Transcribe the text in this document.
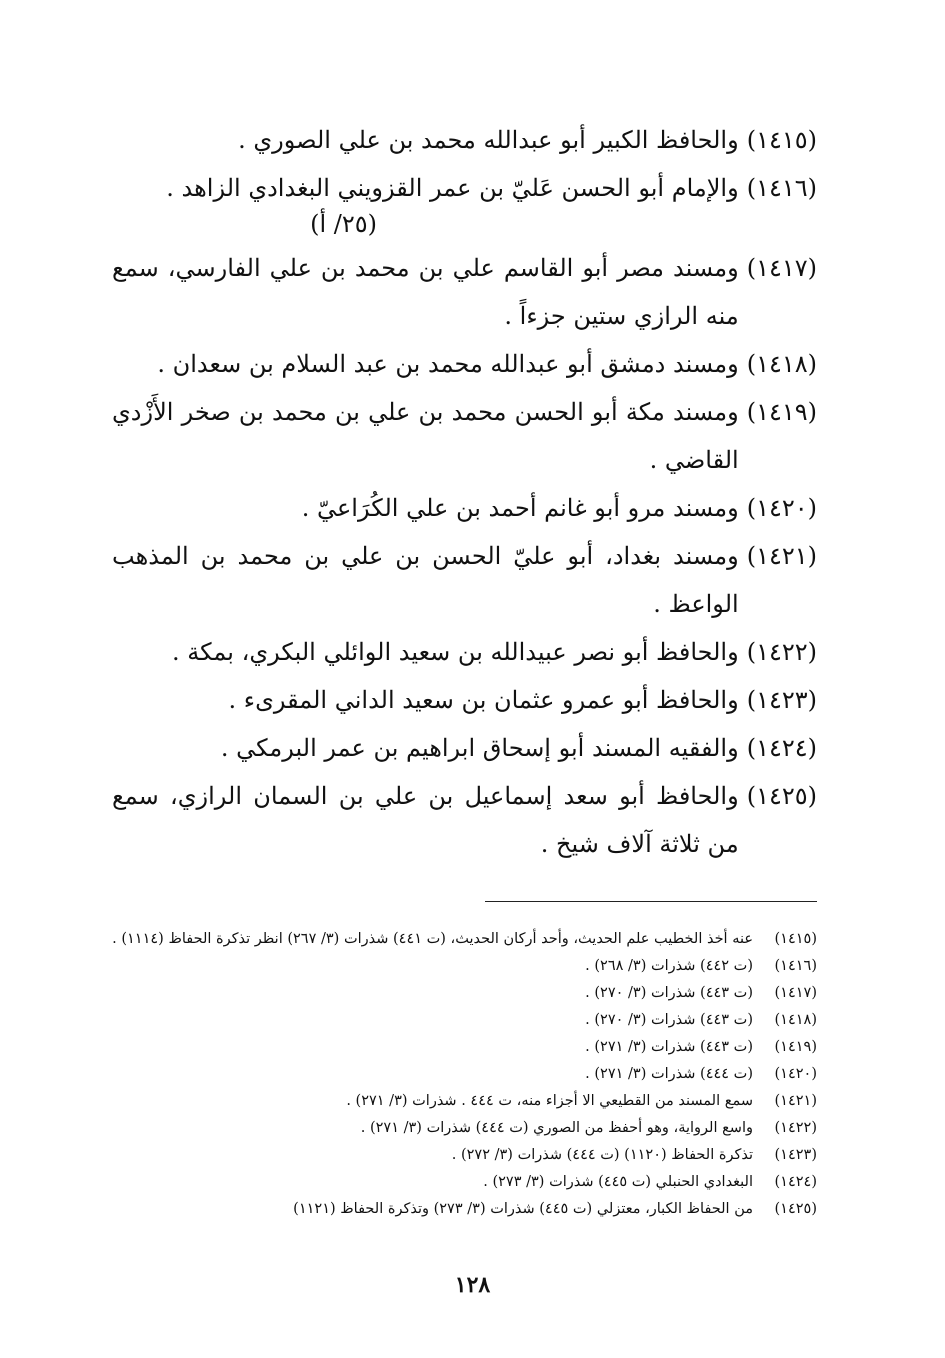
(١٤١٥)
والحافظ الكبير أبو عبدالله محمد بن علي الصوري .
(١٤١٦)
والإمام أبو الحسن عَليّ بن عمر القزويني البغدادي الزاهد .
(٢٥/ أ)
(١٤١٧)
ومسند مصر أبو القاسم علي بن محمد بن علي الفارسي، سمع منه الرازي ستين جزءاً .
(١٤١٨)
ومسند دمشق أبو عبدالله محمد بن عبد السلام بن سعدان .
(١٤١٩)
ومسند مكة أبو الحسن محمد بن علي بن محمد بن صخر الأَزْدي القاضي .
(١٤٢٠)
ومسند مرو أبو غانم أحمد بن علي الكُرَاعيّ .
(١٤٢١)
ومسند بغداد، أبو عليّ الحسن بن علي بن محمد بن المذهب الواعظ .
(١٤٢٢)
والحافظ أبو نصر عبيدالله بن سعيد الوائلي البكري، بمكة .
(١٤٢٣)
والحافظ أبو عمرو عثمان بن سعيد الداني المقرىء .
(١٤٢٤)
والفقيه المسند أبو إسحاق ابراهيم بن عمر البرمكي .
(١٤٢٥)
والحافظ أبو سعد إسماعيل بن علي بن السمان الرازي، سمع من ثلاثة آلاف شيخ .
(١٤١٥)
عنه أخذ الخطيب علم الحديث، وأحد أركان الحديث، (ت ٤٤١) شذرات (٣/ ٢٦٧) انظر تذكرة الحفاظ (١١١٤) .
(١٤١٦)
(ت ٤٤٢) شذرات (٣/ ٢٦٨) .
(١٤١٧)
(ت ٤٤٣) شذرات (٣/ ٢٧٠) .
(١٤١٨)
(ت ٤٤٣) شذرات (٣/ ٢٧٠) .
(١٤١٩)
(ت ٤٤٣) شذرات (٣/ ٢٧١) .
(١٤٢٠)
(ت ٤٤٤) شذرات (٣/ ٢٧١) .
(١٤٢١)
سمع المسند من القطيعي الا أجزاء منه، ت ٤٤٤ . شذرات (٣/ ٢٧١) .
(١٤٢٢)
واسع الرواية، وهو أحفظ من الصوري (ت ٤٤٤) شذرات (٣/ ٢٧١) .
(١٤٢٣)
تذكرة الحفاظ (١١٢٠) (ت ٤٤٤) شذرات (٣/ ٢٧٢) .
(١٤٢٤)
البغدادي الحنبلي (ت ٤٤٥) شذرات (٣/ ٢٧٣) .
(١٤٢٥)
من الحفاظ الكبار، معتزلي (ت ٤٤٥) شذرات (٣/ ٢٧٣) وتذكرة الحفاظ (١١٢١)
١٢٨
